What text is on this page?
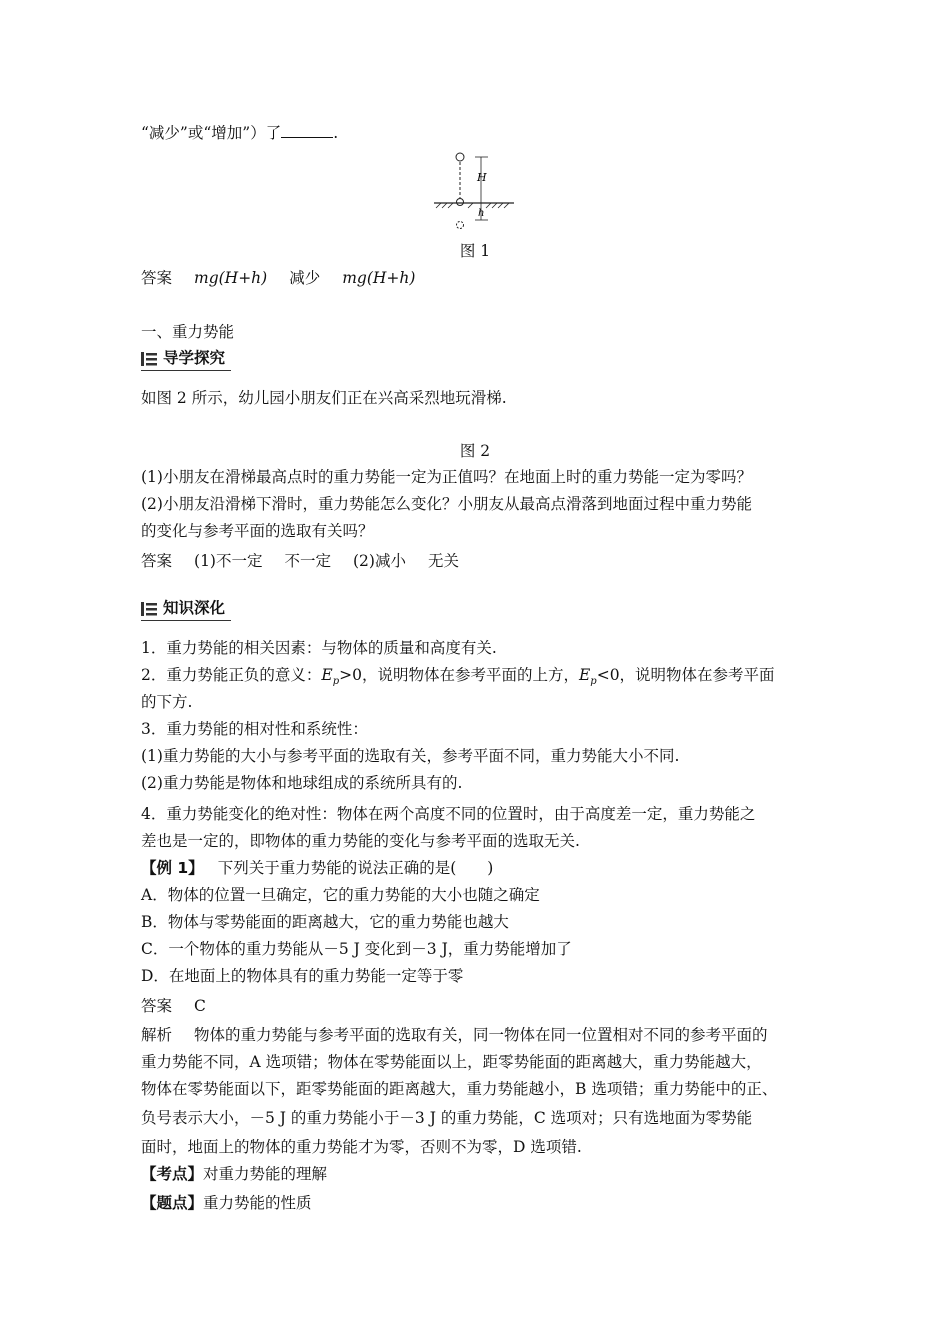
“减少”或“增加”）了	.
H
h
图 1
答案 mg(H+h) 减少 mg(H+h)
一、重力势能
导学探究
如图 2 所示，幼儿园小朋友们正在兴高采烈地玩滑梯.
图 2
(1)小朋友在滑梯最高点时的重力势能一定为正值吗？在地面上时的重力势能一定为零吗？
(2)小朋友沿滑梯下滑时，重力势能怎么变化？小朋友从最高点滑落到地面过程中重力势能
的变化与参考平面的选取有关吗？
答案 (1)不一定 不一定 (2)减小 无关
知识深化
1．重力势能的相关因素：与物体的质量和高度有关.
2．重力势能正负的意义：$E_p>0$，说明物体在参考平面的上方，$E_p<0$，说明物体在参考平面
的下方.
3．重力势能的相对性和系统性：
(1)重力势能的大小与参考平面的选取有关，参考平面不同，重力势能大小不同.
(2)重力势能是物体和地球组成的系统所具有的.
4．重力势能变化的绝对性：物体在两个高度不同的位置时，由于高度差一定，重力势能之
差也是一定的，即物体的重力势能的变化与参考平面的选取无关.
【例 1】 下列关于重力势能的说法正确的是(　　)
A．物体的位置一旦确定，它的重力势能的大小也随之确定
B．物体与零势能面的距离越大，它的重力势能也越大
C．一个物体的重力势能从－5 J 变化到－3 J，重力势能增加了
D．在地面上的物体具有的重力势能一定等于零
答案 C
解析 物体的重力势能与参考平面的选取有关，同一物体在同一位置相对不同的参考平面的
重力势能不同，A 选项错；物体在零势能面以上，距零势能面的距离越大，重力势能越大，
物体在零势能面以下，距零势能面的距离越大，重力势能越小，B 选项错；重力势能中的正、
负号表示大小，－5 J 的重力势能小于－3 J 的重力势能，C 选项对；只有选地面为零势能
面时，地面上的物体的重力势能才为零，否则不为零，D 选项错.
【考点】对重力势能的理解
【题点】重力势能的性质
